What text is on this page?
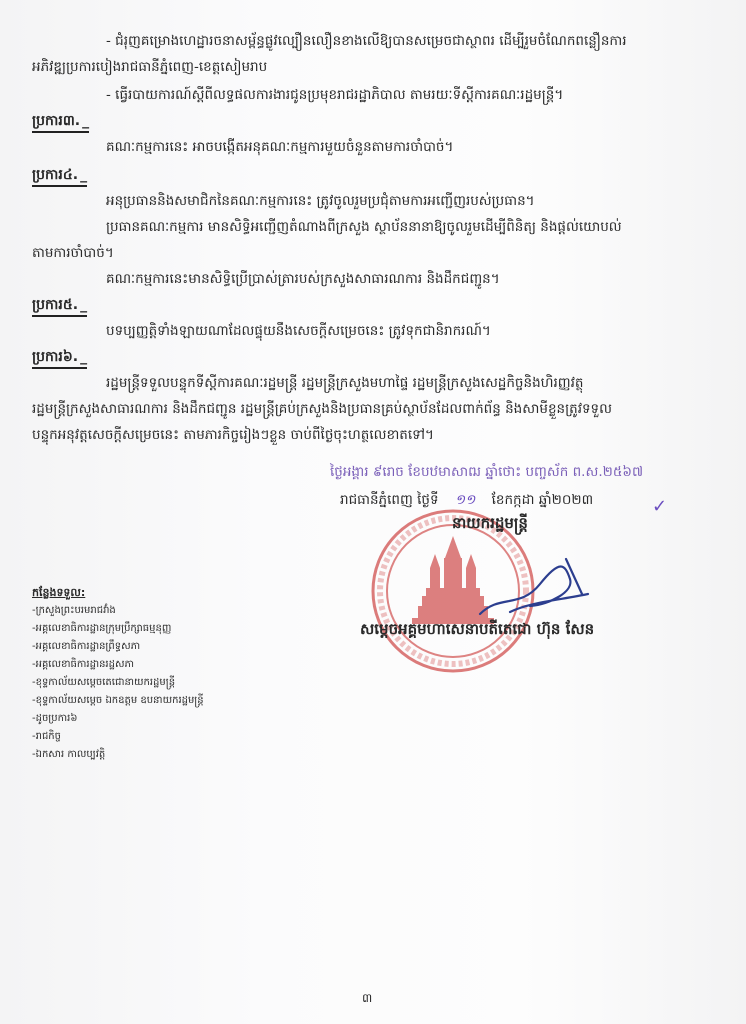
- ជំរុញគម្រោងហេដ្ឋារចនាសម្ព័ន្ធផ្លូវល្បឿនលឿនខាងលើឱ្យបានសម្រេចជាស្ថាពរ ដើម្បីរួមចំណែកពន្លឿនការ
អភិវឌ្ឍប្រការបៀងរាជធានីភ្នំពេញ-ខេត្តសៀមរាប
- ធ្វើរបាយការណ៍ស្ដីពីលទ្ធផលការងារជូនប្រមុខរាជរដ្ឋាភិបាល តាមរយៈទីស្ដីការគណៈរដ្ឋមន្ត្រី។
ប្រការ៣. _
គណៈកម្មការនេះ អាចបង្កើតអនុគណៈកម្មការមួយចំនួនតាមការចាំបាច់។
ប្រការ៤. _
អនុប្រធាននិងសមាជិកនៃគណៈកម្មការនេះ ត្រូវចូលរួមប្រជុំតាមការអញ្ជើញរបស់ប្រធាន។
ប្រធានគណៈកម្មការ មានសិទ្ធិអញ្ជើញតំណាងពីក្រសួង ស្ថាប័ននានាឱ្យចូលរួមដើម្បីពិនិត្យ និងផ្ដល់យោបល់
តាមការចាំបាច់។
គណៈកម្មការនេះមានសិទ្ធិប្រើប្រាស់ត្រារបស់ក្រសួងសាធារណការ និងដឹកជញ្ជូន។
ប្រការ៥. _
បទប្បញ្ញត្តិទាំងឡាយណាដែលផ្ទុយនឹងសេចក្ដីសម្រេចនេះ ត្រូវទុកជានិរាករណ៍។
ប្រការ៦. _
រដ្ឋមន្ត្រីទទួលបន្ទុកទីស្ដីការគណៈរដ្ឋមន្ត្រី រដ្ឋមន្ត្រីក្រសួងមហាផ្ទៃ រដ្ឋមន្ត្រីក្រសួងសេដ្ឋកិច្ចនិងហិរញ្ញវត្ថុ
រដ្ឋមន្ត្រីក្រសួងសាធារណការ និងដឹកជញ្ជូន រដ្ឋមន្ត្រីគ្រប់ក្រសួងនិងប្រធានគ្រប់ស្ថាប័នដែលពាក់ព័ន្ធ និងសាមីខ្លួនត្រូវទទួល
បន្ទុកអនុវត្តសេចក្ដីសម្រេចនេះ តាមភារកិច្ចរៀងៗខ្លួន ចាប់ពីថ្ងៃចុះហត្ថលេខាតទៅ។
ថ្ងៃអង្គារ ៩រោច ខែបឋមាសាឍ ឆ្នាំថោះ បញ្ចស័ក ព.ស.២៥៦៧
រាជធានីភ្នំពេញ ថ្ងៃទី ១១ ខែកក្កដា ឆ្នាំ២០២៣	✓
នាយករដ្ឋមន្ត្រី
សម្ដេចអគ្គមហាសេនាបតីតេជោ ហ៊ុន សែន
កន្លែងទទួល:
-ក្រសួងព្រះបរមរាជវាំង
-អគ្គលេខាធិការដ្ឋានក្រុមប្រឹក្សាធម្មនុញ្ញ
-អគ្គលេខាធិការដ្ឋានព្រឹទ្ធសភា
-អគ្គលេខាធិការដ្ឋានរដ្ឋសភា
-ខុទ្ទកាល័យសម្ដេចតេជោនាយករដ្ឋមន្ត្រី
-ខុទ្ទកាល័យសម្ដេច ឯកឧត្ដម ឧបនាយករដ្ឋមន្ត្រី
-ដូចប្រការ៦
-រាជកិច្ច
-ឯកសារ កាលប្បវត្តិ
៣
